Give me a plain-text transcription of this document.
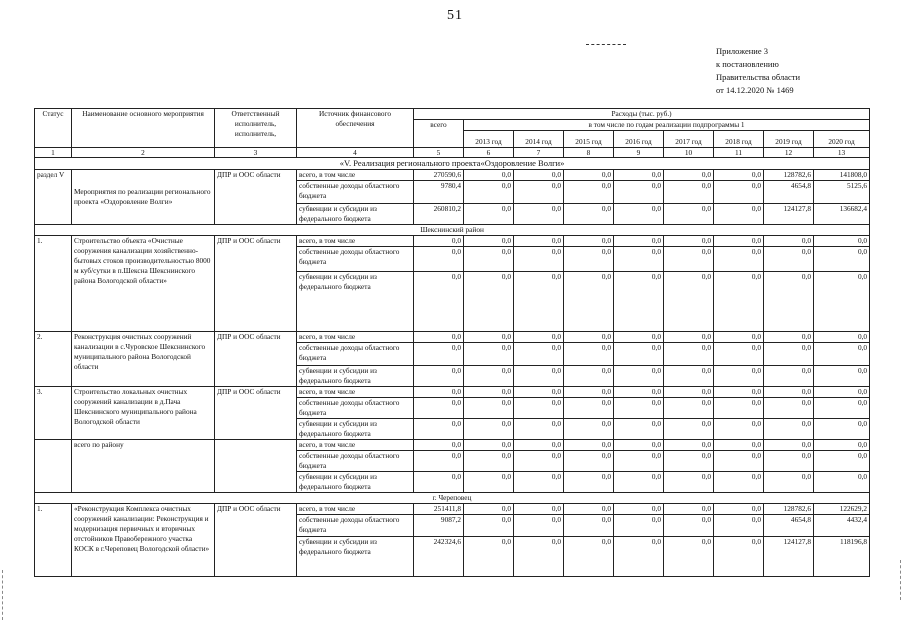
51
Приложение 3
к постановлению
Правительства области
от 14.12.2020 № 1469
Статус	Наименование основного мероприятия	Ответственный исполнитель, исполнитель,	Источник финансового обеспечения	Расходы (тыс. руб.)								
				всего	в том числе по годам реализации подпрограммы 1							
					2013 год	2014 год	2015 год	2016 год	2017 год	2018 год	2019 год	2020 год
1	2	3	4	5	6	7	8	9	10	11	12	13
«V. Реализация регионального проекта«Оздоровление Волги»												
раздел V	Мероприятия по реализации регионального проекта «Оздоровление Волги»	ДПР и ООС области	всего, в том числе	270590,6	0,0	0,0	0,0	0,0	0,0	0,0	128782,6	141808,0
			собственные доходы областного бюджета	9780,4	0,0	0,0	0,0	0,0	0,0	0,0	4654,8	5125,6
			субвенции и субсидии из федерального бюджета	260810,2	0,0	0,0	0,0	0,0	0,0	0,0	124127,8	136682,4
Шекснинский район												
1.	Строительство объекта «Очистные сооружения канализации хозяйственно-бытовых стоков производительностью 8000 м куб/сутки в п.Шексна Шекснинского района Вологодской области»	ДПР и ООС области	всего, в том числе	0,0	0,0	0,0	0,0	0,0	0,0	0,0	0,0	0,0
			собственные доходы областного бюджета	0,0	0,0	0,0	0,0	0,0	0,0	0,0	0,0	0,0
			субвенции и субсидии из федерального бюджета	0,0	0,0	0,0	0,0	0,0	0,0	0,0	0,0	0,0
2.	Реконструкция очистных сооружений канализации в с.Чуровское Шекснинского муниципального района Вологодской области	ДПР и ООС области	всего, в том числе	0,0	0,0	0,0	0,0	0,0	0,0	0,0	0,0	0,0
			собственные доходы областного бюджета	0,0	0,0	0,0	0,0	0,0	0,0	0,0	0,0	0,0
			субвенции и субсидии из федерального бюджета	0,0	0,0	0,0	0,0	0,0	0,0	0,0	0,0	0,0
3.	Строительство локальных очистных сооружений канализации в д.Пача Шекснинского муниципального района Вологодской области	ДПР и ООС области	всего, в том числе	0,0	0,0	0,0	0,0	0,0	0,0	0,0	0,0	0,0
			собственные доходы областного бюджета	0,0	0,0	0,0	0,0	0,0	0,0	0,0	0,0	0,0
			субвенции и субсидии из федерального бюджета	0,0	0,0	0,0	0,0	0,0	0,0	0,0	0,0	0,0
	всего по району		всего, в том числе	0,0	0,0	0,0	0,0	0,0	0,0	0,0	0,0	0,0
			собственные доходы областного бюджета	0,0	0,0	0,0	0,0	0,0	0,0	0,0	0,0	0,0
			субвенции и субсидии из федерального бюджета	0,0	0,0	0,0	0,0	0,0	0,0	0,0	0,0	0,0
г. Череповец												
1.	«Реконструкция Комплекса очистных сооружений канализации: Реконструкция и модернизация первичных и вторичных отстойников Правобережного участка КОСК в г.Череповец Вологодской области»	ДПР и ООС области	всего, в том числе	251411,8	0,0	0,0	0,0	0,0	0,0	0,0	128782,6	122629,2
			собственные доходы областного бюджета	9087,2	0,0	0,0	0,0	0,0	0,0	0,0	4654,8	4432,4
			субвенции и субсидии из федерального бюджета	242324,6	0,0	0,0	0,0	0,0	0,0	0,0	124127,8	118196,8
